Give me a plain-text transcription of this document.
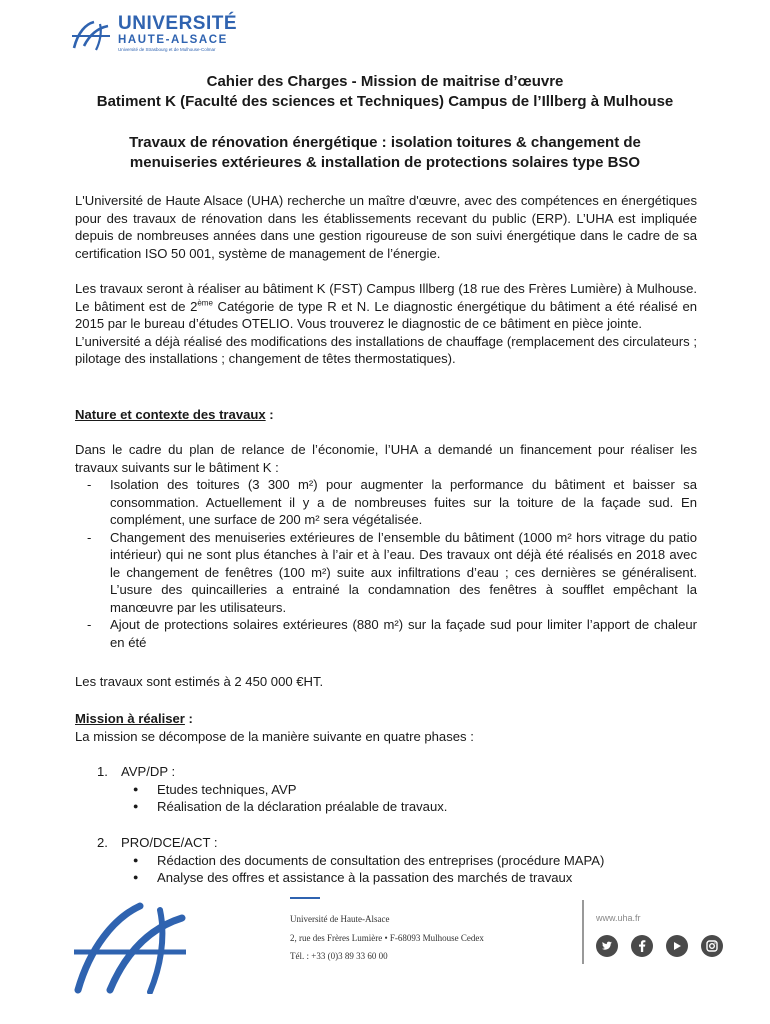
UNIVERSITÉ
HAUTE-ALSACE
Université de Strasbourg et de Mulhouse-Colmar
Cahier des Charges - Mission de maitrise d’œuvre
Batiment K (Faculté des sciences et Techniques) Campus de l’Illberg à Mulhouse
Travaux de rénovation énergétique : isolation toitures & changement de
menuiseries extérieures & installation de protections solaires type BSO

L'Université de Haute Alsace (UHA) recherche un maître d'œuvre, avec des compétences en énergétiques pour des travaux de rénovation dans les établissements recevant du public (ERP). L’UHA est impliquée depuis de nombreuses années dans une gestion rigoureuse de son suivi énergétique dans le cadre de sa certification ISO 50 001, système de management de l’énergie.

Les travaux seront à réaliser au bâtiment K (FST) Campus Illberg (18 rue des Frères Lumière) à Mulhouse. Le bâtiment est de 2ème Catégorie de type R et N. Le diagnostic énergétique du bâtiment a été réalisé en 2015 par le bureau d’études OTELIO. Vous trouverez le diagnostic de ce bâtiment en pièce jointe.

L’université a déjà réalisé des modifications des installations de chauffage (remplacement des circulateurs ; pilotage des installations ; changement de têtes thermostatiques).

Nature et contexte des travaux :

Dans le cadre du plan de relance de l’économie, l’UHA a demandé un financement pour réaliser les travaux suivants sur le bâtiment K :

- Isolation des toitures (3 300 m²) pour augmenter la performance du bâtiment et baisser sa consommation. Actuellement il y a de nombreuses fuites sur la toiture de la façade sud. En complément, une surface de 200 m² sera végétalisée.
- Changement des menuiseries extérieures de l’ensemble du bâtiment (1000 m² hors vitrage du patio intérieur) qui ne sont plus étanches à l’air et à l’eau. Des travaux ont déjà été réalisés en 2018 avec le changement de fenêtres (100 m²) suite aux infiltrations d’eau ; ces dernières se généralisent. L’usure des quincailleries a entrainé la condamnation des fenêtres à soufflet empêchant la manœuvre par les utilisateurs.
- Ajout de protections solaires extérieures (880 m²) sur la façade sud pour limiter l’apport de chaleur en été

Les travaux sont estimés à 2 450 000 €HT.

Mission à réaliser :

La mission se décompose de la manière suivante en quatre phases :

1. AVP/DP :
● Etudes techniques, AVP
● Réalisation de la déclaration préalable de travaux.
2. PRO/DCE/ACT :
● Rédaction des documents de consultation des entreprises (procédure MAPA)
● Analyse des offres et assistance à la passation des marchés de travaux
Université de Haute-Alsace
2, rue des Frères Lumière • F-68093 Mulhouse Cedex
Tél. : +33 (0)3 89 33 60 00
www.uha.fr
